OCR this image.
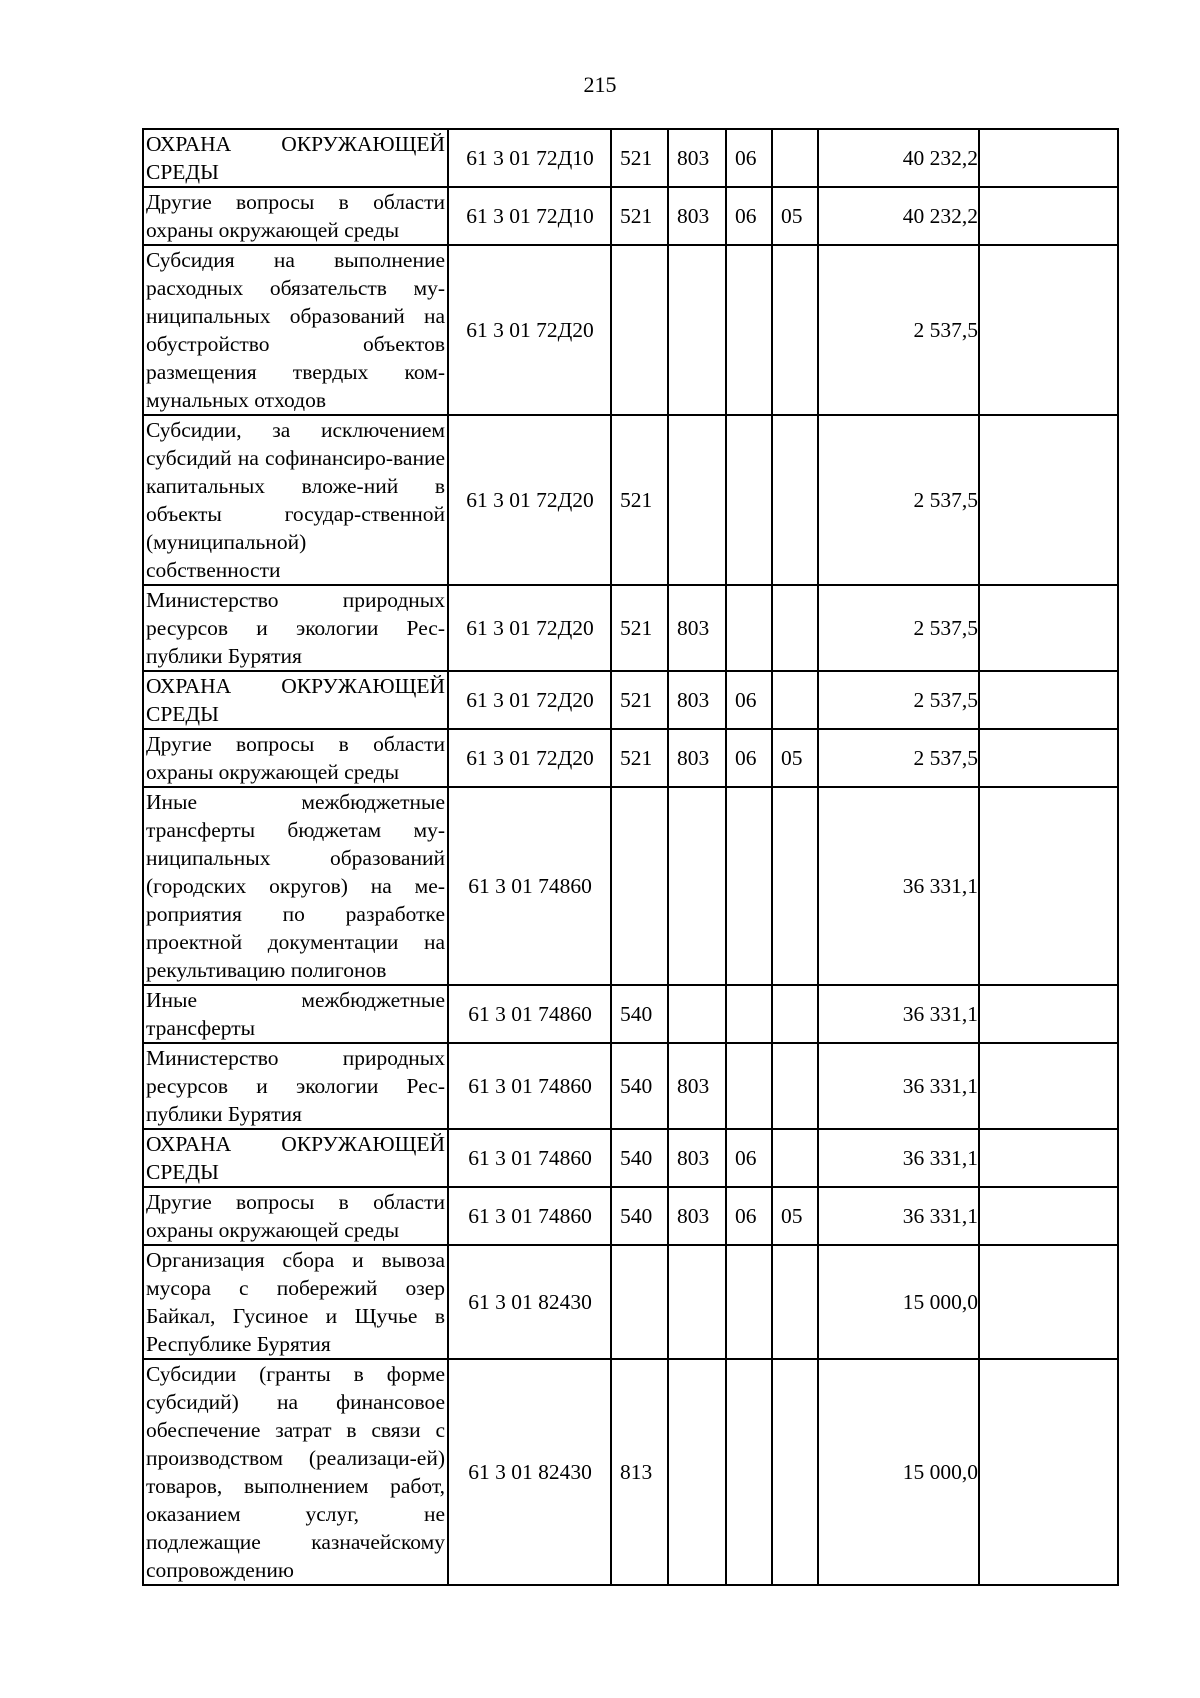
215
ОХРАНА ОКРУЖАЮЩЕЙ СРЕДЫ	61 3 01 72Д10	521	803	06		40 232,2	
Другие вопросы в области охраны окружающей среды	61 3 01 72Д10	521	803	06	05	40 232,2	
Субсидия на выполнение расходных обязательств му-ниципальных образований на обустройство объектов размещения твердых ком-мунальных отходов	61 3 01 72Д20					2 537,5	
Субсидии, за исключением субсидий на софинансиро-вание капитальных вложе-ний в объекты государ-ственной (муниципальной) собственности	61 3 01 72Д20	521				2 537,5	
Министерство природных ресурсов и экологии Рес-публики Бурятия	61 3 01 72Д20	521	803			2 537,5	
ОХРАНА ОКРУЖАЮЩЕЙ СРЕДЫ	61 3 01 72Д20	521	803	06		2 537,5	
Другие вопросы в области охраны окружающей среды	61 3 01 72Д20	521	803	06	05	2 537,5	
Иные межбюджетные трансферты бюджетам му-ниципальных образований (городских округов) на ме-роприятия по разработке проектной документации на рекультивацию полигонов	61 3 01 74860					36 331,1	
Иные межбюджетные трансферты	61 3 01 74860	540				36 331,1	
Министерство природных ресурсов и экологии Рес-публики Бурятия	61 3 01 74860	540	803			36 331,1	
ОХРАНА ОКРУЖАЮЩЕЙ СРЕДЫ	61 3 01 74860	540	803	06		36 331,1	
Другие вопросы в области охраны окружающей среды	61 3 01 74860	540	803	06	05	36 331,1	
Организация сбора и вывоза мусора с побережий озер Байкал, Гусиное и Щучье в Республике Бурятия	61 3 01 82430					15 000,0	
Субсидии (гранты в форме субсидий) на финансовое обеспечение затрат в связи с производством (реализаци-ей) товаров, выполнением работ, оказанием услуг, не подлежащие казначейскому сопровождению	61 3 01 82430	813				15 000,0	
